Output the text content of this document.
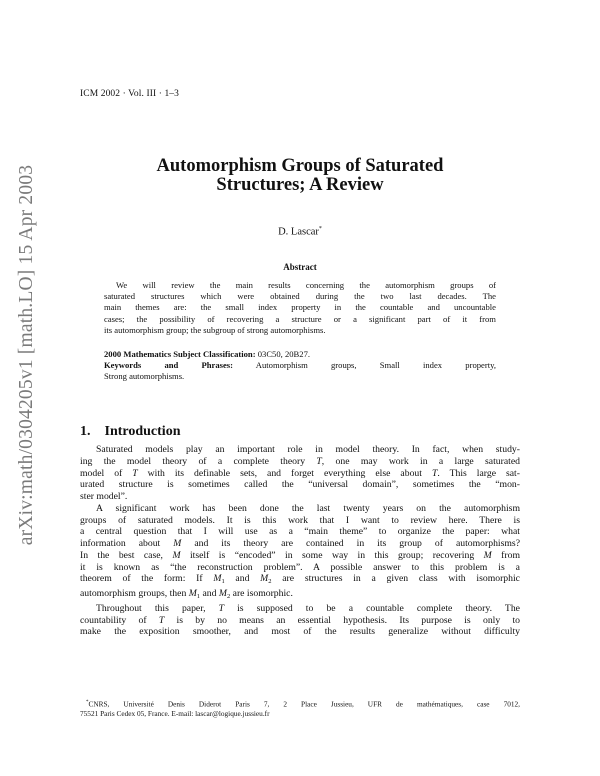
ICM 2002 · Vol. III · 1–3
arXiv:math/0304205v1 [math.LO] 15 Apr 2003	Automorphism Groups of Saturated
Structures; A Review
D. Lascar*
Abstract
We will review the main results concerning the automorphism groups of
saturated structures which were obtained during the two last decades. The
main themes are: the small index property in the countable and uncountable
cases; the possibility of recovering a structure or a significant part of it from
its automorphism group; the subgroup of strong automorphisms.
2000 Mathematics Subject Classification: 03C50, 20B27.
Keywords and Phrases:	Automorphism groups, Small index property,
Strong automorphisms.
1. Introduction
Saturated models play an important role in model theory. In fact, when study-
ing the model theory of a complete theory T, one may work in a large saturated
model of T with its definable sets, and forget everything else about T. This large sat-
urated structure is sometimes called the “universal domain”, sometimes the “mon-
ster model”.
A significant work has been done the last twenty years on the automorphism
groups of saturated models. It is this work that I want to review here. There is
a central question that I will use as a “main theme” to organize the paper: what
information about M and its theory are contained in its group of automorphisms?
In the best case, M itself is “encoded” in some way in this group; recovering M from
it is known as “the reconstruction problem”. A possible answer to this problem is a
theorem of the form: If $M_1$ and $M_2$ are structures in a given class with isomorphic
automorphism groups, then $M_1$ and $M_2$ are isomorphic.
Throughout this paper, T is supposed to be a countable complete theory. The
countability of T is by no means an essential hypothesis. Its purpose is only to
make the exposition smoother, and most of the results generalize without difficulty
*CNRS, Université Denis Diderot Paris 7, 2 Place Jussieu, UFR de mathématiques, case 7012,
75521 Paris Cedex 05, France. E-mail: lascar@logique.jussieu.fr
